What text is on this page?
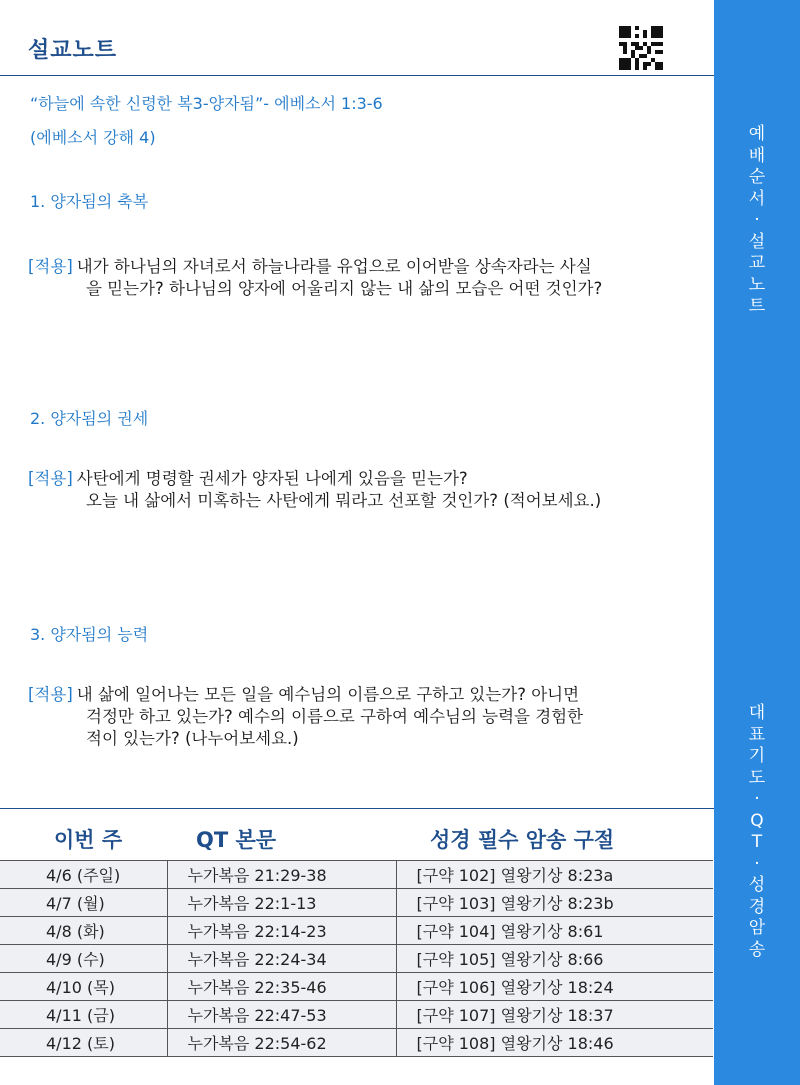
설교노트
“하늘에 속한 신령한 복3-양자됨”- 에베소서 1:3-6
(에베소서 강해 4)
1. 양자됨의 축복
[적용] 내가 하나님의 자녀로서 하늘나라를 유업으로 이어받을 상속자라는 사실
을 믿는가? 하나님의 양자에 어울리지 않는 내 삶의 모습은 어떤 것인가?
2. 양자됨의 권세
[적용] 사탄에게 명령할 권세가 양자된 나에게 있음을 믿는가?
오늘 내 삶에서 미혹하는 사탄에게 뭐라고 선포할 것인가? (적어보세요.)
3. 양자됨의 능력
[적용] 내 삶에 일어나는 모든 일을 예수님의 이름으로 구하고 있는가? 아니면
걱정만 하고 있는가? 예수의 이름으로 구하여 예수님의 능력을 경험한
적이 있는가? (나누어보세요.)
이번 주	QT 본문	성경 필수 암송 구절
4/6 (주일)	누가복음 21:29-38	[구약 102] 열왕기상 8:23a
4/7 (월)	누가복음 22:1-13	[구약 103] 열왕기상 8:23b
4/8 (화)	누가복음 22:14-23	[구약 104] 열왕기상 8:61
4/9 (수)	누가복음 22:24-34	[구약 105] 열왕기상 8:66
4/10 (목)	누가복음 22:35-46	[구약 106] 열왕기상 18:24
4/11 (금)	누가복음 22:47-53	[구약 107] 열왕기상 18:37
4/12 (토)	누가복음 22:54-62	[구약 108] 열왕기상 18:46
예
배
순
서
·
설
교
노
트
대
표
기
도
·
Q
T
·
성
경
암
송
